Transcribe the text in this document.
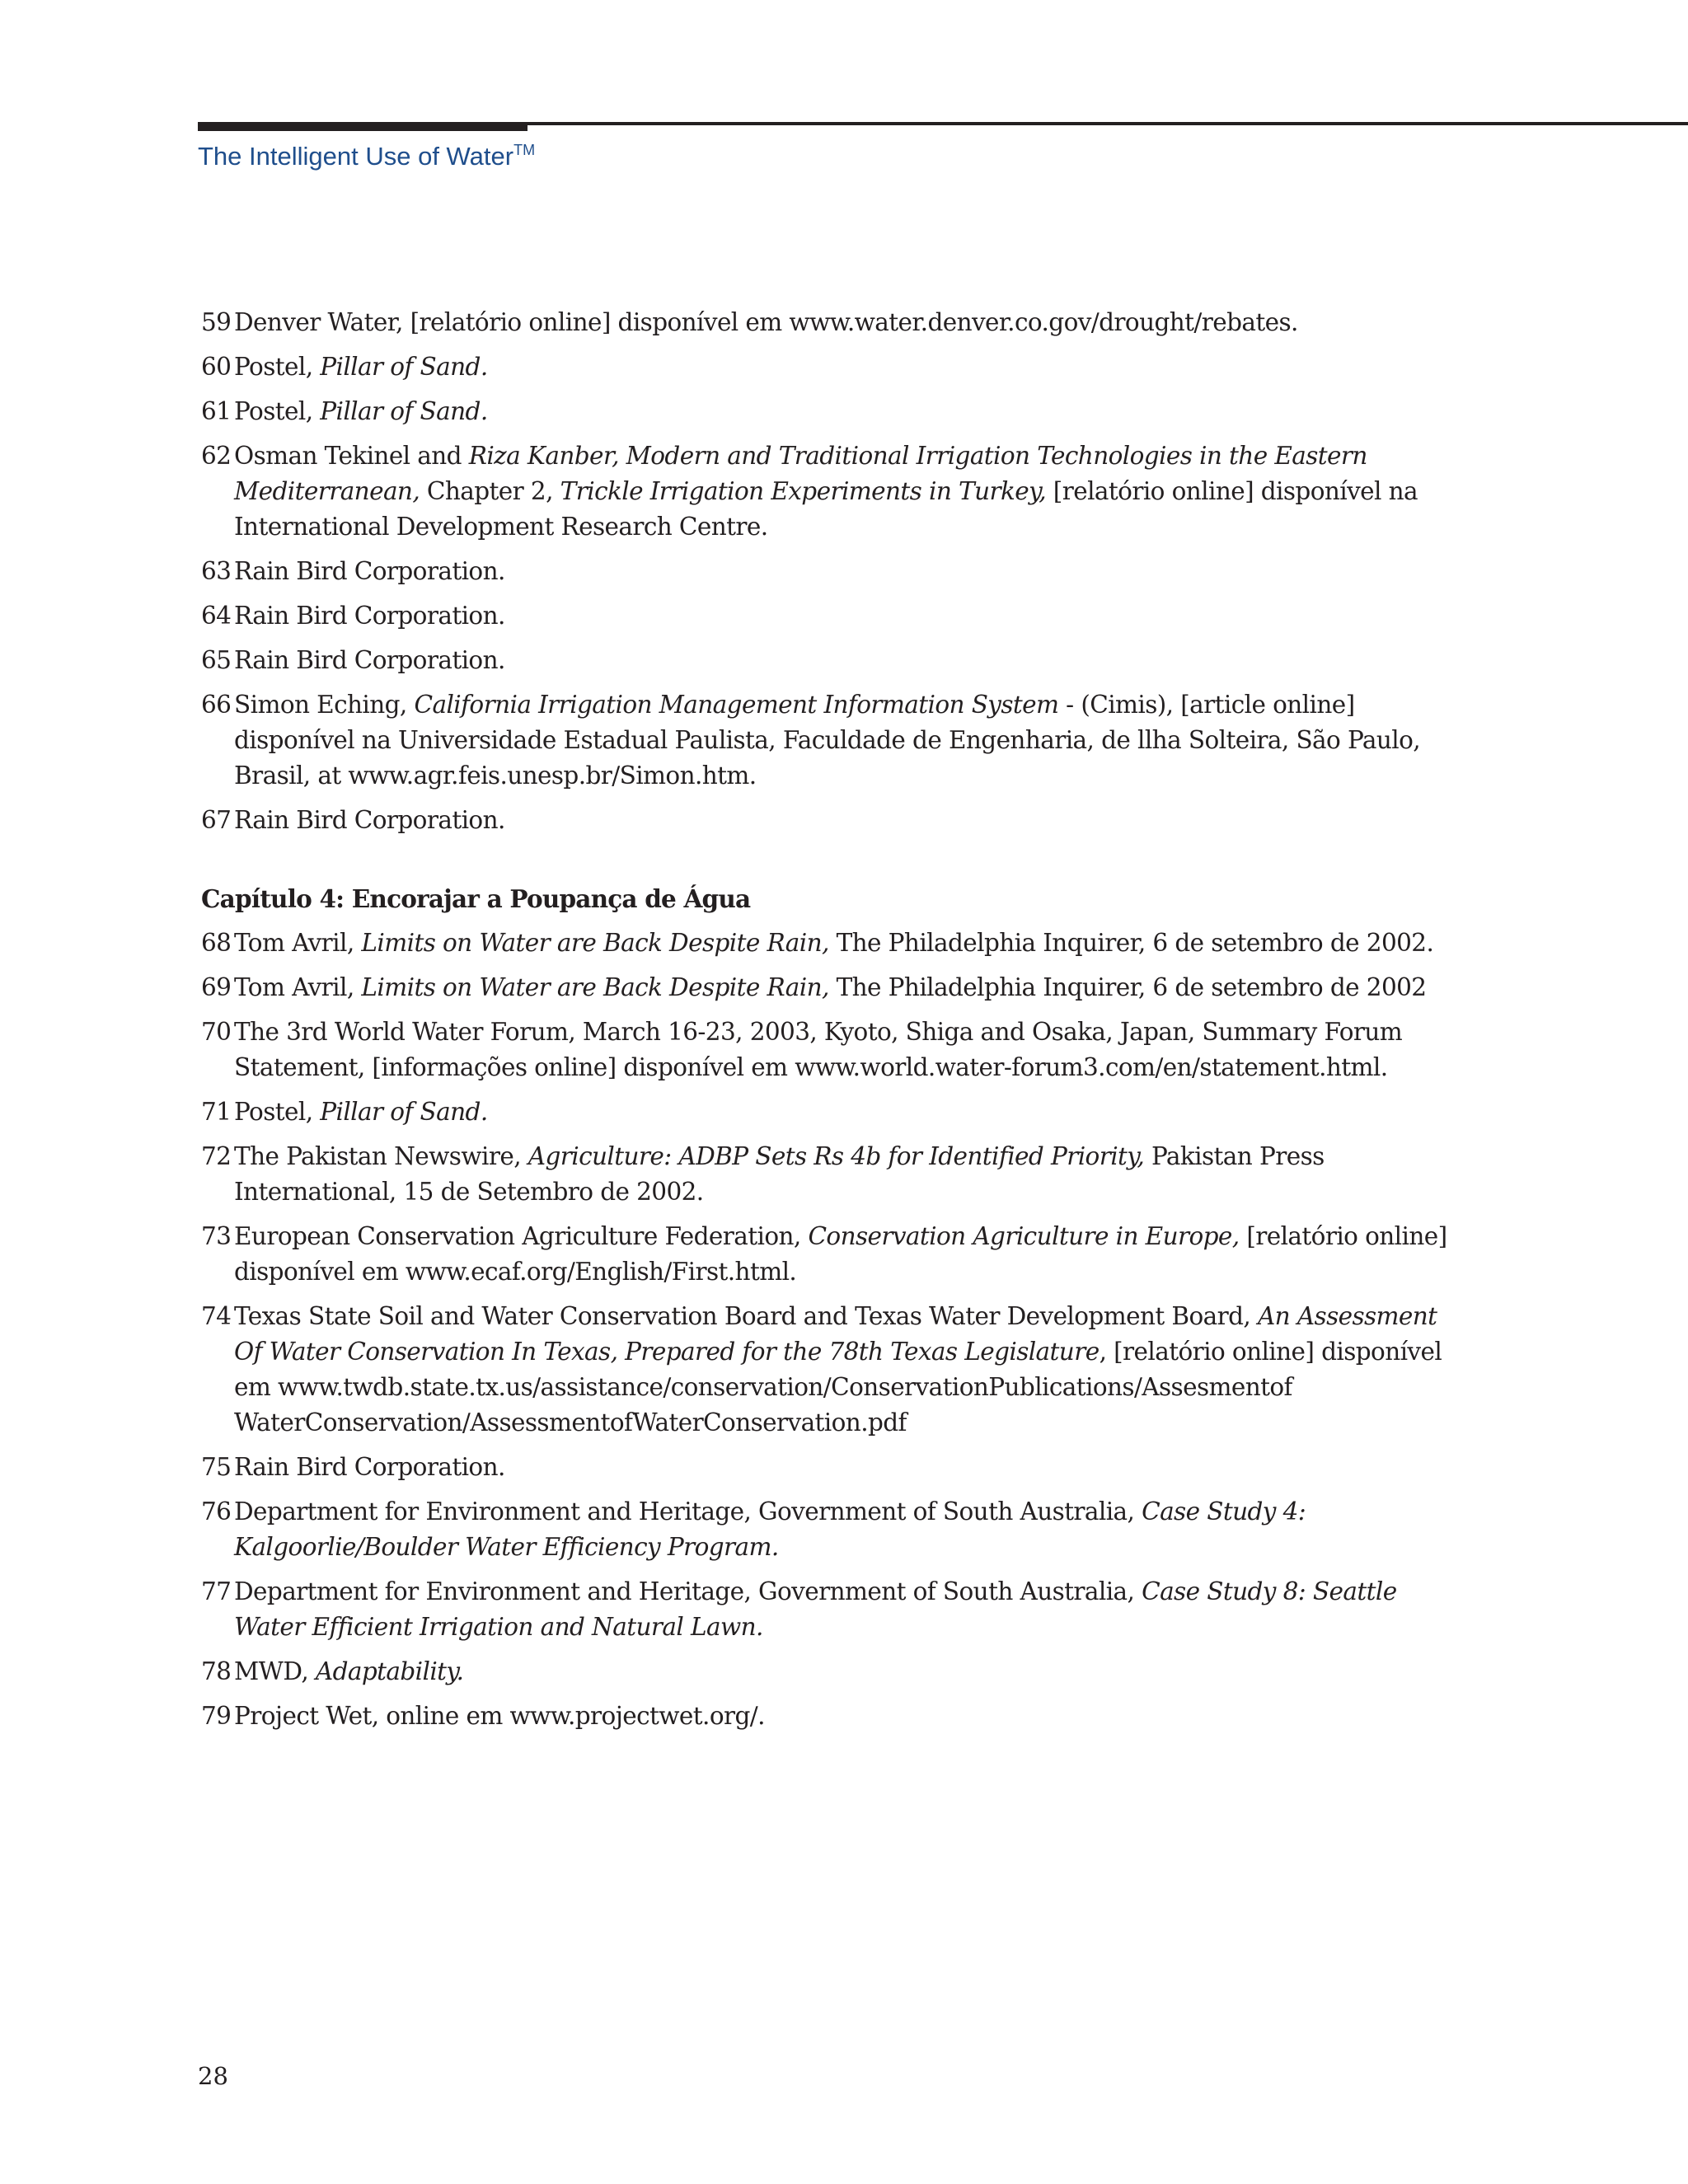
The Intelligent Use of Water™
59 Denver Water, [relatório online] disponível em www.water.denver.co.gov/drought/rebates.
60 Postel, Pillar of Sand.
61 Postel, Pillar of Sand.
62 Osman Tekinel and Riza Kanber, Modern and Traditional Irrigation Technologies in the Eastern Mediterranean, Chapter 2, Trickle Irrigation Experiments in Turkey, [relatório online] disponível na International Development Research Centre.
63 Rain Bird Corporation.
64 Rain Bird Corporation.
65 Rain Bird Corporation.
66 Simon Eching, California Irrigation Management Information System - (Cimis), [article online] disponível na Universidade Estadual Paulista, Faculdade de Engenharia, de llha Solteira, São Paulo, Brasil, at www.agr.feis.unesp.br/Simon.htm.
67 Rain Bird Corporation.
Capítulo 4: Encorajar a Poupança de Água
68 Tom Avril, Limits on Water are Back Despite Rain, The Philadelphia Inquirer, 6 de setembro de 2002.
69 Tom Avril, Limits on Water are Back Despite Rain, The Philadelphia Inquirer, 6 de setembro de 2002
70 The 3rd World Water Forum, March 16-23, 2003, Kyoto, Shiga and Osaka, Japan, Summary Forum Statement, [informações online] disponível em www.world.water-forum3.com/en/statement.html.
71 Postel, Pillar of Sand.
72 The Pakistan Newswire, Agriculture: ADBP Sets Rs 4b for Identified Priority, Pakistan Press International, 15 de Setembro de 2002.
73 European Conservation Agriculture Federation, Conservation Agriculture in Europe, [relatório online] disponível em www.ecaf.org/English/First.html.
74 Texas State Soil and Water Conservation Board and Texas Water Development Board, An Assessment Of Water Conservation In Texas, Prepared for the 78th Texas Legislature, [relatório online] disponível em www.twdb.state.tx.us/assistance/conservation/ConservationPublications/Assesmentof WaterConservation/AssessmentofWaterConservation.pdf
75 Rain Bird Corporation.
76 Department for Environment and Heritage, Government of South Australia, Case Study 4: Kalgoorlie/Boulder Water Efficiency Program.
77 Department for Environment and Heritage, Government of South Australia, Case Study 8: Seattle Water Efficient Irrigation and Natural Lawn.
78 MWD, Adaptability.
79 Project Wet, online em www.projectwet.org/.
28
